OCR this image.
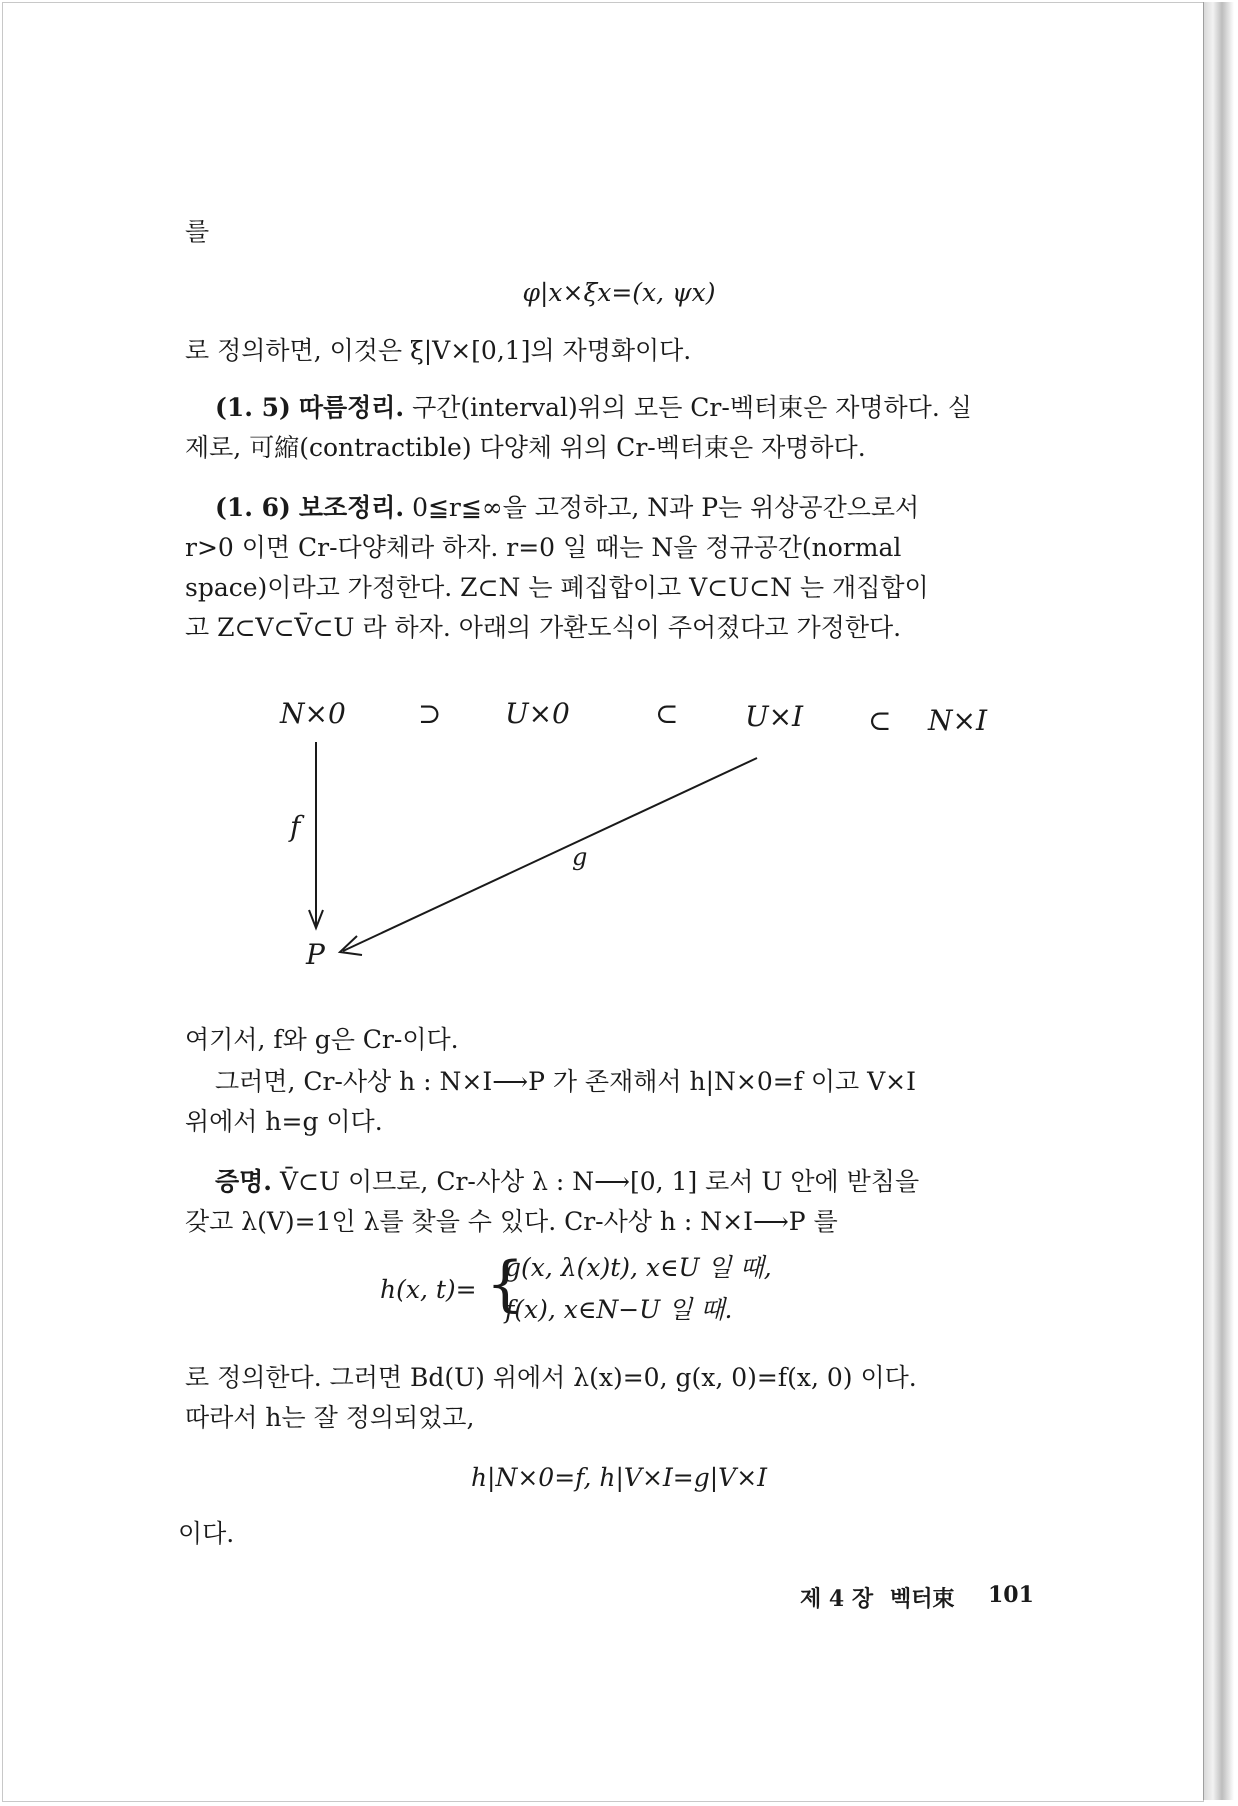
를
φ|x×ξx=(x, ψx)
로 정의하면, 이것은 ξ|V×[0,1]의 자명화이다.
(1. 5) 따름정리. 구간(interval)위의 모든 Cr-벡터束은 자명하다. 실
제로, 可縮(contractible) 다양체 위의 Cr-벡터束은 자명하다.
(1. 6) 보조정리. 0≦r≦∞을 고정하고, N과 P는 위상공간으로서
r>0 이면 Cr-다양체라 하자. r=0 일 때는 N을 정규공간(normal
space)이라고 가정한다. Z⊂N 는 폐집합이고 V⊂U⊂N 는 개집합이
고 Z⊂V⊂V̄⊂U 라 하자. 아래의 가환도식이 주어졌다고 가정한다.
N×0	⊃ U×0	⊂ U×I ⊂ N×I
f
g
P
여기서, f와 g은 Cr-이다.
그러면, Cr-사상 h : N×I⟶P 가 존재해서 h|N×0=f 이고 V×I
위에서 h=g 이다.
증명. V̄⊂U 이므로, Cr-사상 λ : N⟶[0, 1] 로서 U 안에 받침을
갖고 λ(V)=1인 λ를 찾을 수 있다. Cr-사상 h : N×I⟶P 를
h(x, t)= {
g(x, λ(x)t), x∈U 일 때,
f(x), x∈N−U 일 때.
로 정의한다. 그러면 Bd(U) 위에서 λ(x)=0, g(x, 0)=f(x, 0) 이다.
따라서 h는 잘 정의되었고,
h|N×0=f, h|V×I=g|V×I
이다.
제 4 장 벡터束 101
